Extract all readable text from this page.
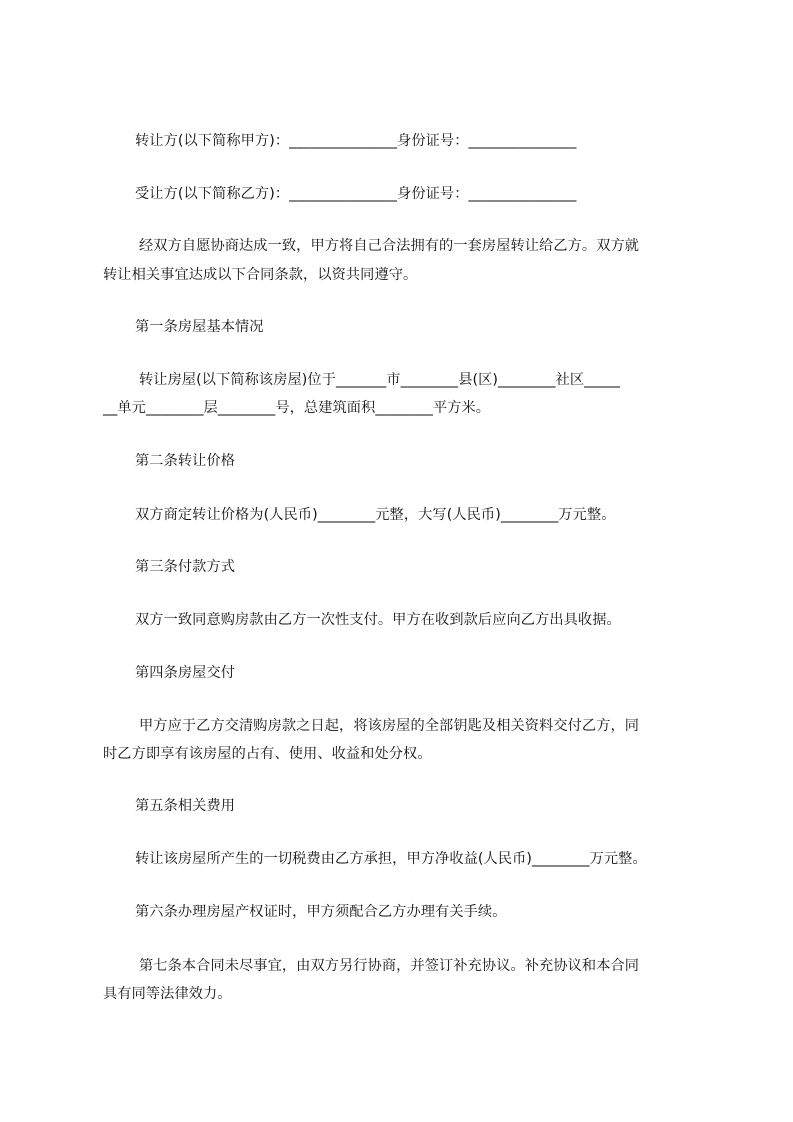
转让方(以下简称甲方)：_______________身份证号：_______________
受让方(以下简称乙方)：_______________身份证号：_______________
经双方自愿协商达成一致，甲方将自己合法拥有的一套房屋转让给乙方。双方就
转让相关事宜达成以下合同条款，以资共同遵守。
第一条房屋基本情况
转让房屋(以下简称该房屋)位于_______市________县(区)________社区_____
__单元________层________号，总建筑面积________平方米。
第二条转让价格
双方商定转让价格为(人民币)________元整，大写(人民币)________万元整。
第三条付款方式
双方一致同意购房款由乙方一次性支付。甲方在收到款后应向乙方出具收据。
第四条房屋交付
甲方应于乙方交清购房款之日起，将该房屋的全部钥匙及相关资料交付乙方，同
时乙方即享有该房屋的占有、使用、收益和处分权。
第五条相关费用
转让该房屋所产生的一切税费由乙方承担，甲方净收益(人民币)________万元整。
第六条办理房屋产权证时，甲方须配合乙方办理有关手续。
第七条本合同未尽事宜，由双方另行协商，并签订补充协议。补充协议和本合同
具有同等法律效力。
